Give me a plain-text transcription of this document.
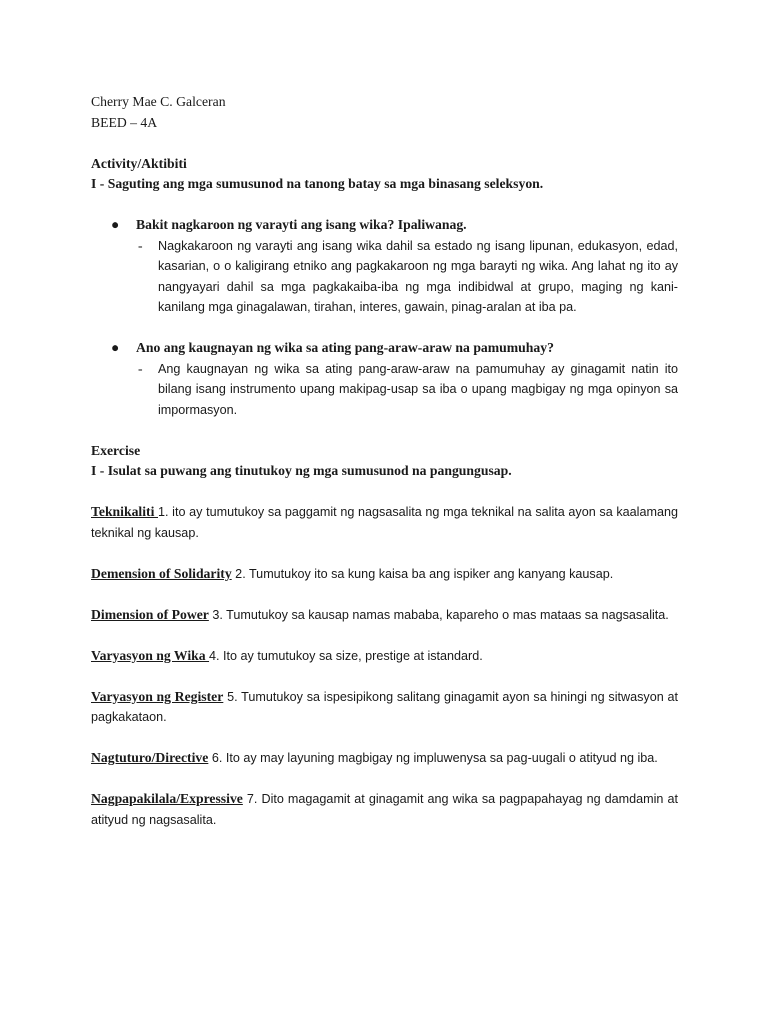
Cherry Mae C. Galceran

BEED – 4A

Activity/Aktibiti

I - Saguting ang mga sumusunod na tanong batay sa mga binasang seleksyon.

● Bakit nagkaroon ng varayti ang isang wika? Ipaliwanag.

- Nagkakaroon ng varayti ang isang wika dahil sa estado ng isang lipunan, edukasyon, edad, kasarian, o o kaligirang etniko ang pagkakaroon ng mga barayti ng wika. Ang lahat ng ito ay nangyayari dahil sa mga pagkakaiba-iba ng mga indibidwal at grupo, maging ng kani-kanilang mga ginagalawan, tirahan, interes, gawain, pinag-aralan at iba pa.

● Ano ang kaugnayan ng wika sa ating pang-araw-araw na pamumuhay?

- Ang kaugnayan ng wika sa ating pang-araw-araw na pamumuhay ay ginagamit natin ito bilang isang instrumento upang makipag-usap sa iba o upang magbigay ng mga opinyon sa impormasyon.

Exercise

I - Isulat sa puwang ang tinutukoy ng mga sumusunod na pangungusap.

Teknikaliti 1. ito ay tumutukoy sa paggamit ng nagsasalita ng mga teknikal na salita ayon sa kaalamang teknikal ng kausap.

Demension of Solidarity 2. Tumutukoy ito sa kung kaisa ba ang ispiker ang kanyang kausap.

Dimension of Power 3. Tumutukoy sa kausap namas mababa, kapareho o mas mataas sa nagsasalita.

Varyasyon ng Wika 4. Ito ay tumutukoy sa size, prestige at istandard.

Varyasyon ng Register 5. Tumutukoy sa ispesipikong salitang ginagamit ayon sa hiningi ng sitwasyon at pagkakataon.

Nagtuturo/Directive 6. Ito ay may layuning magbigay ng impluwenysa sa pag-uugali o atityud ng iba.

Nagpapakilala/Expressive 7. Dito magagamit at ginagamit ang wika sa pagpapahayag ng damdamin at atityud ng nagsasalita.
